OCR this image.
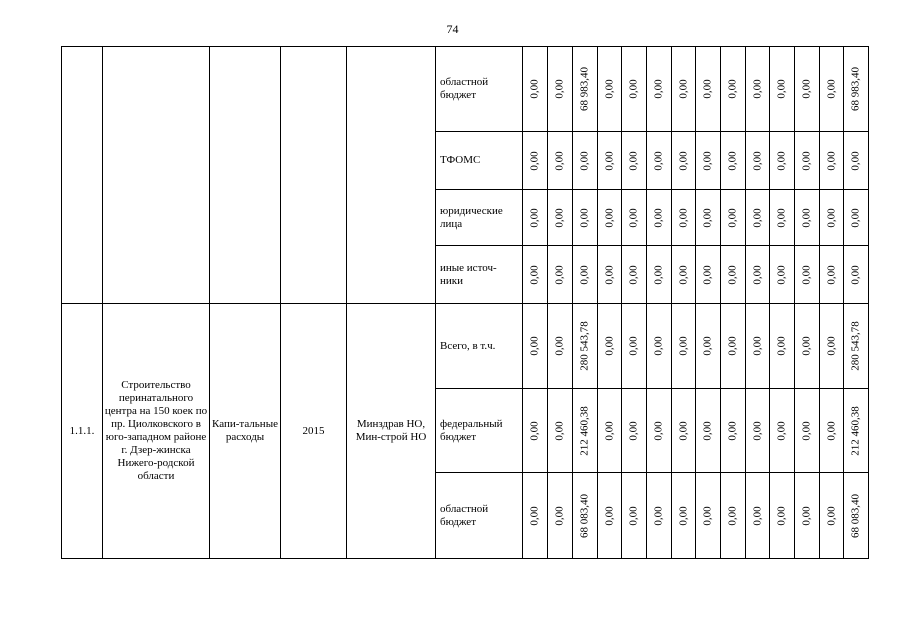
74
					областной бюджет	0,00	0,00	68 983,40	0,00	0,00	0,00	0,00	0,00	0,00	0,00	0,00	0,00	0,00	68 983,40

					ТФОМС	0,00	0,00	0,00	0,00	0,00	0,00	0,00	0,00	0,00	0,00	0,00	0,00	0,00	0,00

					юридические лица	0,00	0,00	0,00	0,00	0,00	0,00	0,00	0,00	0,00	0,00	0,00	0,00	0,00	0,00

					иные источ-ники	0,00	0,00	0,00	0,00	0,00	0,00	0,00	0,00	0,00	0,00	0,00	0,00	0,00	0,00

1.1.1.	Строительство перинатального центра на 150 коек по пр. Циолковского в юго-западном районе г. Дзер-жинска Нижего-родской области	Капи-тальные расходы	2015	Минздрав НО, Мин-строй НО	Всего, в т.ч.	0,00	0,00	280 543,78	0,00	0,00	0,00	0,00	0,00	0,00	0,00	0,00	0,00	0,00	280 543,78

					федеральный бюджет	0,00	0,00	212 460,38	0,00	0,00	0,00	0,00	0,00	0,00	0,00	0,00	0,00	0,00	212 460,38

					областной бюджет	0,00	0,00	68 083,40	0,00	0,00	0,00	0,00	0,00	0,00	0,00	0,00	0,00	0,00	68 083,40
